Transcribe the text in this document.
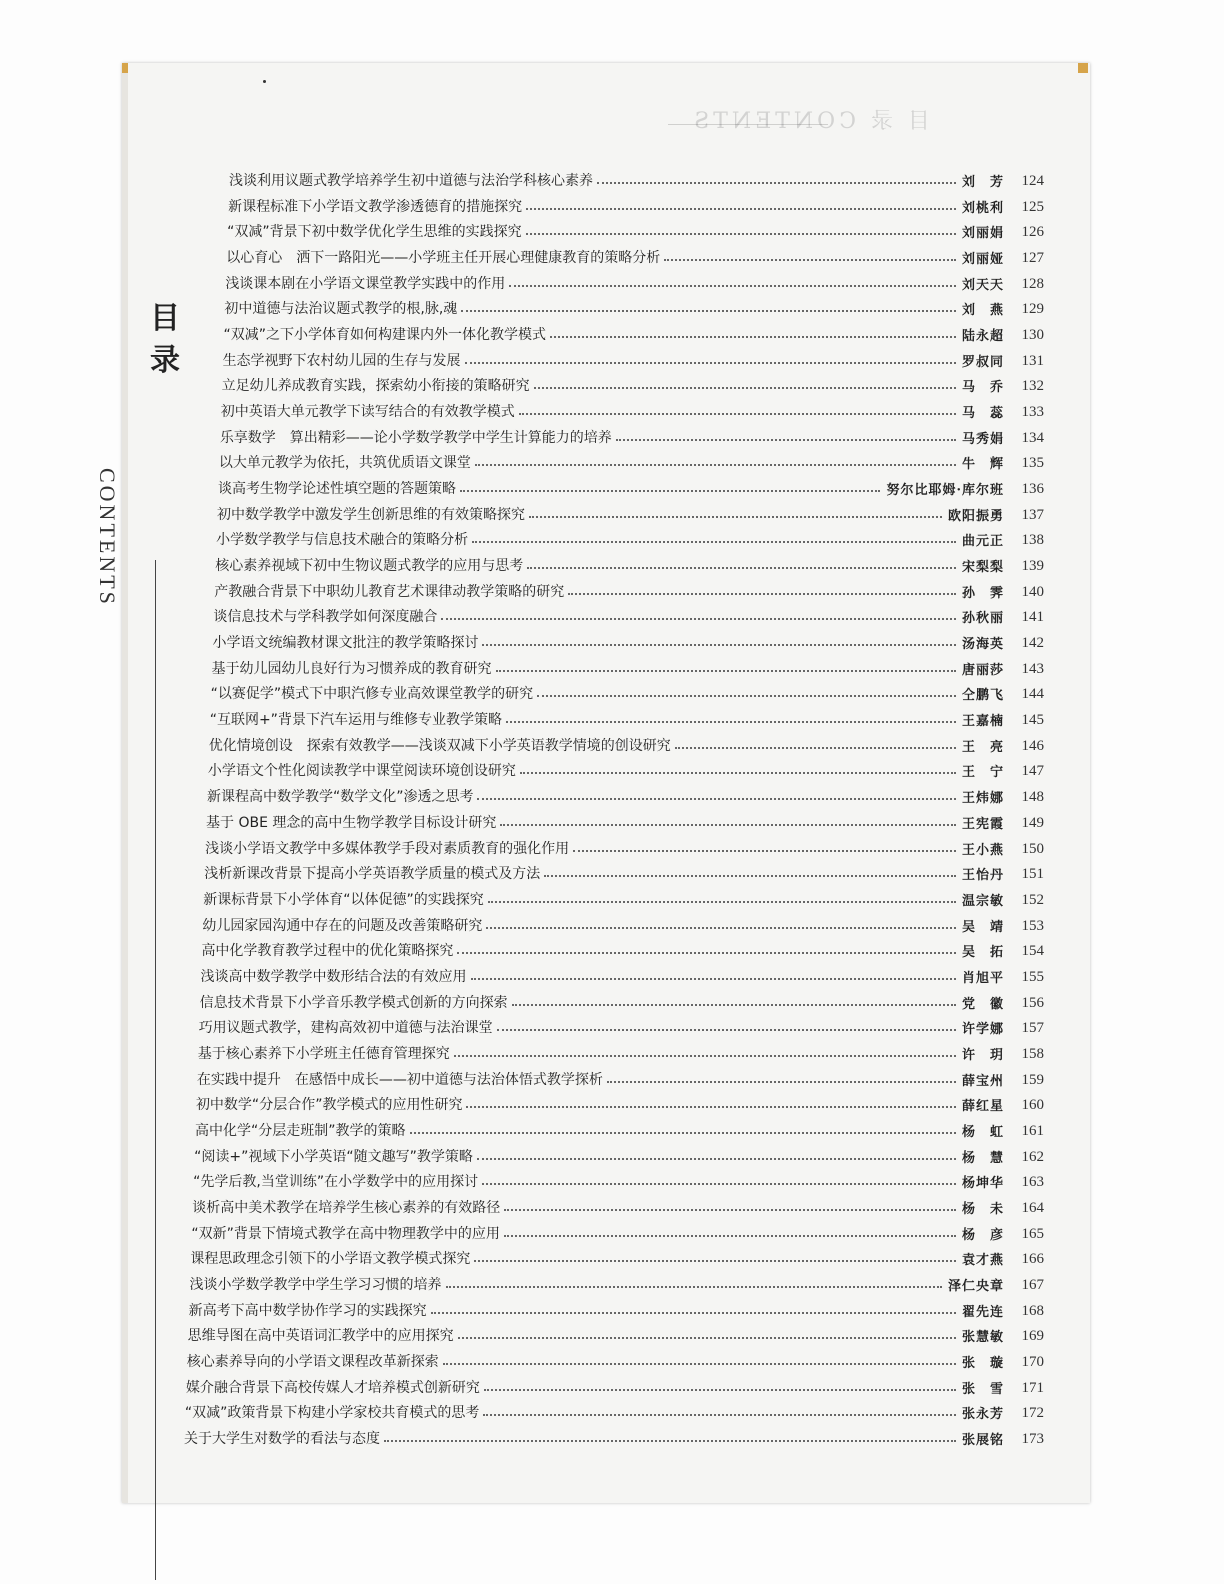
目 录 CONTENTS
目
录
CONTENTS
浅谈利用议题式教学培养学生初中道德与法治学科核心素养	刘　芳	124
新课程标准下小学语文教学渗透德育的措施探究	刘桃利	125
“双减”背景下初中数学优化学生思维的实践探究	刘丽娟	126
以心育心　洒下一路阳光——小学班主任开展心理健康教育的策略分析	刘丽娅	127
浅谈课本剧在小学语文课堂教学实践中的作用	刘天天	128
初中道德与法治议题式教学的根,脉,魂	刘　燕	129
“双减”之下小学体育如何构建课内外一体化教学模式	陆永超	130
生态学视野下农村幼儿园的生存与发展	罗叔同	131
立足幼儿养成教育实践，探索幼小衔接的策略研究	马　乔	132
初中英语大单元教学下读写结合的有效教学模式	马　蕊	133
乐享数学　算出精彩——论小学数学教学中学生计算能力的培养	马秀娟	134
以大单元教学为依托，共筑优质语文课堂	牛　辉	135
谈高考生物学论述性填空题的答题策略	努尔比耶姆·库尔班	136
初中数学教学中激发学生创新思维的有效策略探究	欧阳振勇	137
小学数学教学与信息技术融合的策略分析	曲元正	138
核心素养视域下初中生物议题式教学的应用与思考	宋梨梨	139
产教融合背景下中职幼儿教育艺术课律动教学策略的研究	孙　霁	140
谈信息技术与学科教学如何深度融合	孙秋丽	141
小学语文统编教材课文批注的教学策略探讨	汤海英	142
基于幼儿园幼儿良好行为习惯养成的教育研究	唐丽莎	143
“以赛促学”模式下中职汽修专业高效课堂教学的研究	仝鹏飞	144
“互联网+”背景下汽车运用与维修专业教学策略	王嘉楠	145
优化情境创设　探索有效教学——浅谈双减下小学英语教学情境的创设研究	王　亮	146
小学语文个性化阅读教学中课堂阅读环境创设研究	王　宁	147
新课程高中数学教学“数学文化”渗透之思考	王炜娜	148
基于 OBE 理念的高中生物学教学目标设计研究	王宪霞	149
浅谈小学语文教学中多媒体教学手段对素质教育的强化作用	王小燕	150
浅析新课改背景下提高小学英语教学质量的模式及方法	王怡丹	151
新课标背景下小学体育“以体促德”的实践探究	温宗敏	152
幼儿园家园沟通中存在的问题及改善策略研究	吴　靖	153
高中化学教育教学过程中的优化策略探究	吴　拓	154
浅谈高中数学教学中数形结合法的有效应用	肖旭平	155
信息技术背景下小学音乐教学模式创新的方向探索	党　徽	156
巧用议题式教学，建构高效初中道德与法治课堂	许学娜	157
基于核心素养下小学班主任德育管理探究	许　玥	158
在实践中提升　在感悟中成长——初中道德与法治体悟式教学探析	薛宝州	159
初中数学“分层合作”教学模式的应用性研究	薛红星	160
高中化学“分层走班制”教学的策略	杨　虹	161
“阅读+”视域下小学英语“随文趣写”教学策略	杨　慧	162
“先学后教,当堂训练”在小学数学中的应用探讨	杨坤华	163
谈析高中美术教学在培养学生核心素养的有效路径	杨　未	164
“双新”背景下情境式教学在高中物理教学中的应用	杨　彦	165
课程思政理念引领下的小学语文教学模式探究	袁才燕	166
浅谈小学数学教学中学生学习习惯的培养	泽仁央章	167
新高考下高中数学协作学习的实践探究	翟先连	168
思维导图在高中英语词汇教学中的应用探究	张慧敏	169
核心素养导向的小学语文课程改革新探索	张　璇	170
媒介融合背景下高校传媒人才培养模式创新研究	张　雪	171
“双减”政策背景下构建小学家校共育模式的思考	张永芳	172
关于大学生对数学的看法与态度	张展铭	173
